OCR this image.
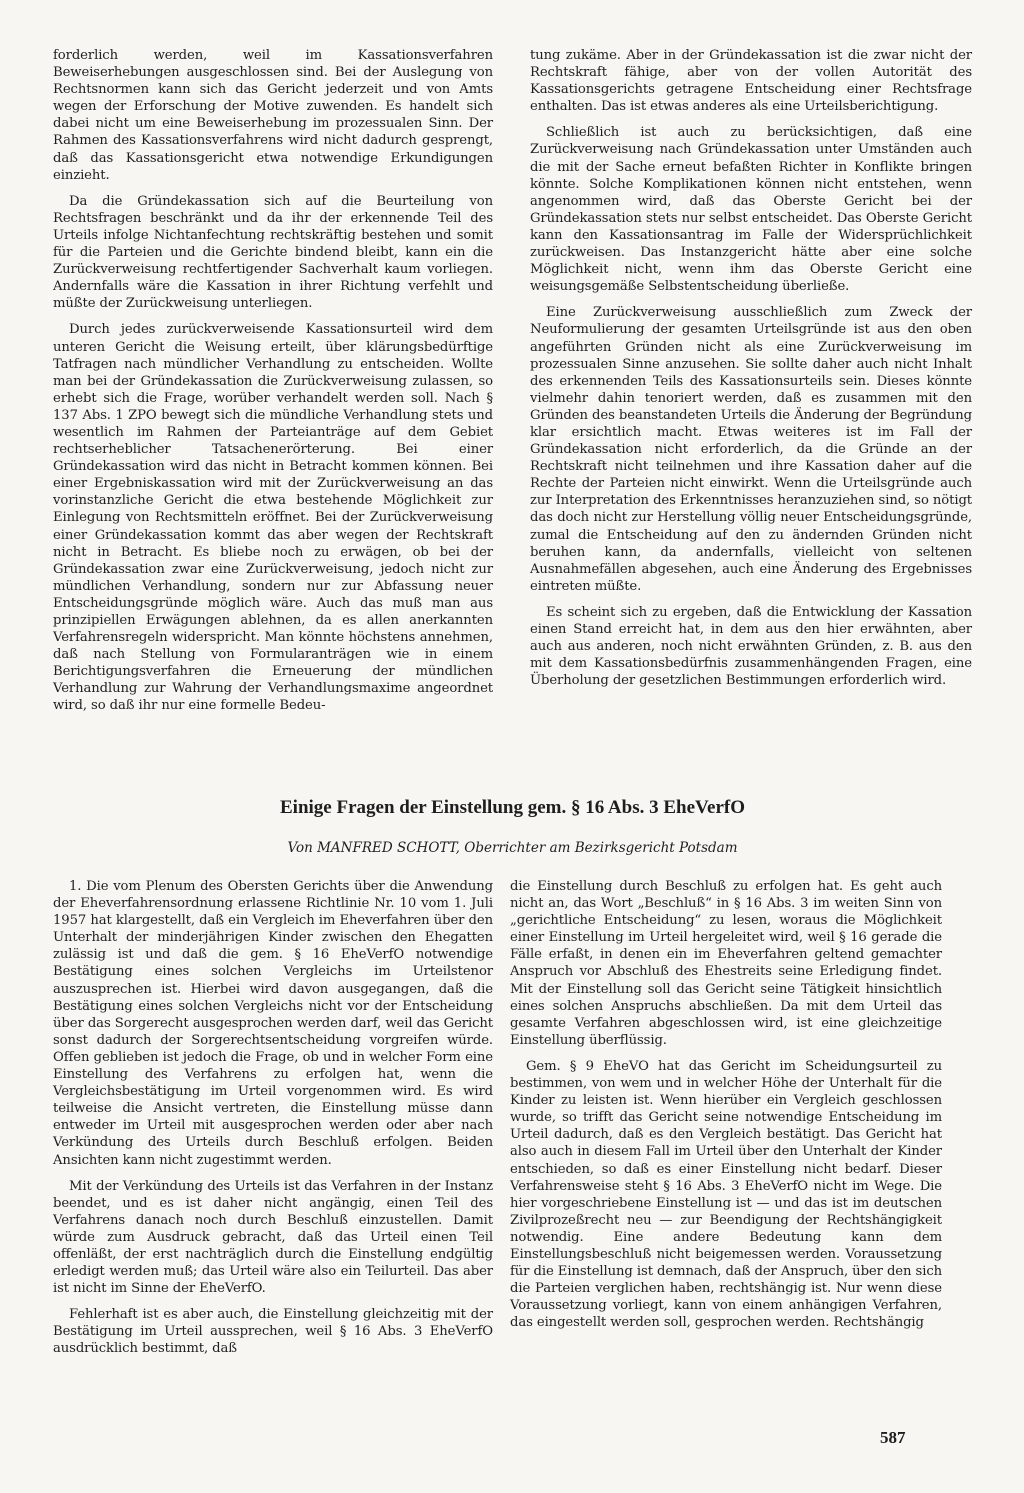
forderlich werden, weil im Kassationsverfahren Beweiserhebungen ausgeschlossen sind. Bei der Auslegung von Rechtsnormen kann sich das Gericht jederzeit und von Amts wegen der Erforschung der Motive zuwenden. Es handelt sich dabei nicht um eine Beweiserhebung im prozessualen Sinn. Der Rahmen des Kassationsverfahrens wird nicht dadurch gesprengt, daß das Kassationsgericht etwa notwendige Erkundigungen einzieht.

Da die Gründekassation sich auf die Beurteilung von Rechtsfragen beschränkt und da ihr der erkennende Teil des Urteils infolge Nichtanfechtung rechtskräftig bestehen und somit für die Parteien und die Gerichte bindend bleibt, kann ein die Zurückverweisung rechtfertigender Sachverhalt kaum vorliegen. Andernfalls wäre die Kassation in ihrer Richtung verfehlt und müßte der Zurückweisung unterliegen.

Durch jedes zurückverweisende Kassationsurteil wird dem unteren Gericht die Weisung erteilt, über klärungsbedürftige Tatfragen nach mündlicher Verhandlung zu entscheiden. Wollte man bei der Gründekassation die Zurückverweisung zulassen, so erhebt sich die Frage, worüber verhandelt werden soll. Nach § 137 Abs. 1 ZPO bewegt sich die mündliche Verhandlung stets und wesentlich im Rahmen der Parteianträge auf dem Gebiet rechtserheblicher Tatsachenerörterung. Bei einer Gründekassation wird das nicht in Betracht kommen können. Bei einer Ergebniskassation wird mit der Zurückverweisung an das vorinstanzliche Gericht die etwa bestehende Möglichkeit zur Einlegung von Rechtsmitteln eröffnet. Bei der Zurückverweisung einer Gründekassation kommt das aber wegen der Rechtskraft nicht in Betracht. Es bliebe noch zu erwägen, ob bei der Gründekassation zwar eine Zurückverweisung, jedoch nicht zur mündlichen Verhandlung, sondern nur zur Abfassung neuer Entscheidungsgründe möglich wäre. Auch das muß man aus prinzipiellen Erwägungen ablehnen, da es allen anerkannten Verfahrensregeln widerspricht. Man könnte höchstens annehmen, daß nach Stellung von Formularanträgen wie in einem Berichtigungsverfahren die Erneuerung der mündlichen Verhandlung zur Wahrung der Verhandlungsmaxime angeordnet wird, so daß ihr nur eine formelle Bedeu-

tung zukäme. Aber in der Gründekassation ist die zwar nicht der Rechtskraft fähige, aber von der vollen Autorität des Kassationsgerichts getragene Entscheidung einer Rechtsfrage enthalten. Das ist etwas anderes als eine Urteilsberichtigung.

Schließlich ist auch zu berücksichtigen, daß eine Zurückverweisung nach Gründekassation unter Umständen auch die mit der Sache erneut befaßten Richter in Konflikte bringen könnte. Solche Komplikationen können nicht entstehen, wenn angenommen wird, daß das Oberste Gericht bei der Gründekassation stets nur selbst entscheidet. Das Oberste Gericht kann den Kassationsantrag im Falle der Widersprüchlichkeit zurückweisen. Das Instanzgericht hätte aber eine solche Möglichkeit nicht, wenn ihm das Oberste Gericht eine weisungsgemäße Selbstentscheidung überließe.

Eine Zurückverweisung ausschließlich zum Zweck der Neuformulierung der gesamten Urteilsgründe ist aus den oben angeführten Gründen nicht als eine Zurückverweisung im prozessualen Sinne anzusehen. Sie sollte daher auch nicht Inhalt des erkennenden Teils des Kassationsurteils sein. Dieses könnte vielmehr dahin tenoriert werden, daß es zusammen mit den Gründen des beanstandeten Urteils die Änderung der Begründung klar ersichtlich macht. Etwas weiteres ist im Fall der Gründekassation nicht erforderlich, da die Gründe an der Rechtskraft nicht teilnehmen und ihre Kassation daher auf die Rechte der Parteien nicht einwirkt. Wenn die Urteilsgründe auch zur Interpretation des Erkenntnisses heranzuziehen sind, so nötigt das doch nicht zur Herstellung völlig neuer Entscheidungsgründe, zumal die Entscheidung auf den zu ändernden Gründen nicht beruhen kann, da andernfalls, vielleicht von seltenen Ausnahmefällen abgesehen, auch eine Änderung des Ergebnisses eintreten müßte.

Es scheint sich zu ergeben, daß die Entwicklung der Kassation einen Stand erreicht hat, in dem aus den hier erwähnten, aber auch aus anderen, noch nicht erwähnten Gründen, z. B. aus den mit dem Kassationsbedürfnis zusammenhängenden Fragen, eine Überholung der gesetzlichen Bestimmungen erforderlich wird.

Einige Fragen der Einstellung gem. § 16 Abs. 3 EheVerfO

Von MANFRED SCHOTT, Oberrichter am Bezirksgericht Potsdam

1. Die vom Plenum des Obersten Gerichts über die Anwendung der Eheverfahrensordnung erlassene Richtlinie Nr. 10 vom 1. Juli 1957 hat klargestellt, daß ein Vergleich im Eheverfahren über den Unterhalt der minderjährigen Kinder zwischen den Ehegatten zulässig ist und daß die gem. § 16 EheVerfO notwendige Bestätigung eines solchen Vergleichs im Urteilstenor auszusprechen ist. Hierbei wird davon ausgegangen, daß die Bestätigung eines solchen Vergleichs nicht vor der Entscheidung über das Sorgerecht ausgesprochen werden darf, weil das Gericht sonst dadurch der Sorgerechtsentscheidung vorgreifen würde. Offen geblieben ist jedoch die Frage, ob und in welcher Form eine Einstellung des Verfahrens zu erfolgen hat, wenn die Vergleichsbestätigung im Urteil vorgenommen wird. Es wird teilweise die Ansicht vertreten, die Einstellung müsse dann entweder im Urteil mit ausgesprochen werden oder aber nach Verkündung des Urteils durch Beschluß erfolgen. Beiden Ansichten kann nicht zugestimmt werden.

Mit der Verkündung des Urteils ist das Verfahren in der Instanz beendet, und es ist daher nicht angängig, einen Teil des Verfahrens danach noch durch Beschluß einzustellen. Damit würde zum Ausdruck gebracht, daß das Urteil einen Teil offenläßt, der erst nachträglich durch die Einstellung endgültig erledigt werden muß; das Urteil wäre also ein Teilurteil. Das aber ist nicht im Sinne der EheVerfO.

Fehlerhaft ist es aber auch, die Einstellung gleichzeitig mit der Bestätigung im Urteil aussprechen, weil § 16 Abs. 3 EheVerfO ausdrücklich bestimmt, daß

die Einstellung durch Beschluß zu erfolgen hat. Es geht auch nicht an, das Wort „Beschluß“ in § 16 Abs. 3 im weiten Sinn von „gerichtliche Entscheidung“ zu lesen, woraus die Möglichkeit einer Einstellung im Urteil hergeleitet wird, weil § 16 gerade die Fälle erfaßt, in denen ein im Eheverfahren geltend gemachter Anspruch vor Abschluß des Ehestreits seine Erledigung findet. Mit der Einstellung soll das Gericht seine Tätigkeit hinsichtlich eines solchen Anspruchs abschließen. Da mit dem Urteil das gesamte Verfahren abgeschlossen wird, ist eine gleichzeitige Einstellung überflüssig.

Gem. § 9 EheVO hat das Gericht im Scheidungsurteil zu bestimmen, von wem und in welcher Höhe der Unterhalt für die Kinder zu leisten ist. Wenn hierüber ein Vergleich geschlossen wurde, so trifft das Gericht seine notwendige Entscheidung im Urteil dadurch, daß es den Vergleich bestätigt. Das Gericht hat also auch in diesem Fall im Urteil über den Unterhalt der Kinder entschieden, so daß es einer Einstellung nicht bedarf. Dieser Verfahrensweise steht § 16 Abs. 3 EheVerfO nicht im Wege. Die hier vorgeschriebene Einstellung ist — und das ist im deutschen Zivilprozeßrecht neu — zur Beendigung der Rechtshängigkeit notwendig. Eine andere Bedeutung kann dem Einstellungsbeschluß nicht beigemessen werden. Voraussetzung für die Einstellung ist demnach, daß der Anspruch, über den sich die Parteien verglichen haben, rechtshängig ist. Nur wenn diese Voraussetzung vorliegt, kann von einem anhängigen Verfahren, das eingestellt werden soll, gesprochen werden. Rechtshängig

587
